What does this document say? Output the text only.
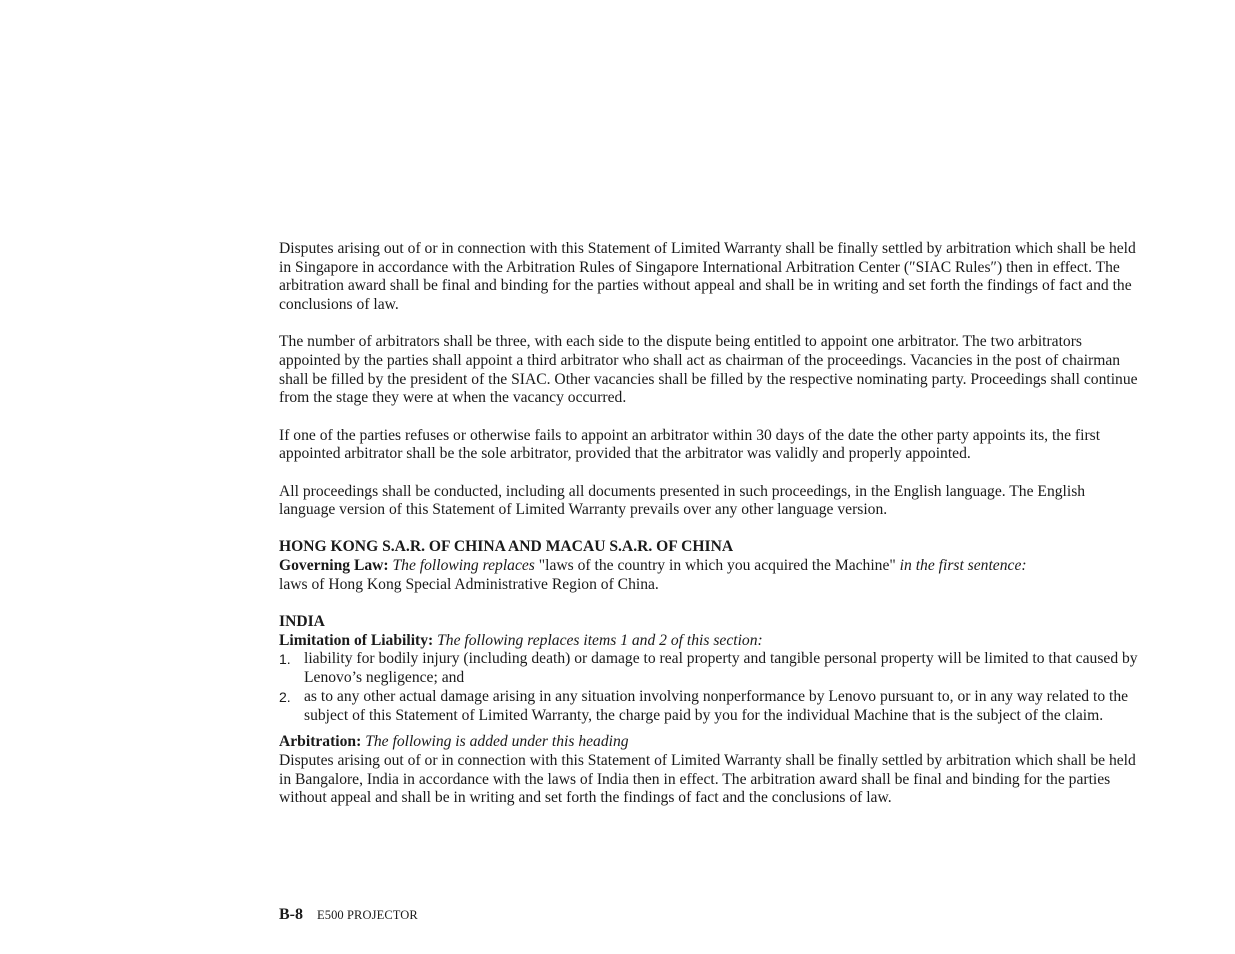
Disputes arising out of or in connection with this Statement of Limited Warranty shall be finally settled by arbitration which shall be held in Singapore in accordance with the Arbitration Rules of Singapore International Arbitration Center (″SIAC Rules″) then in effect. The arbitration award shall be final and binding for the parties without appeal and shall be in writing and set forth the findings of fact and the conclusions of law.

The number of arbitrators shall be three, with each side to the dispute being entitled to appoint one arbitrator. The two arbitrators appointed by the parties shall appoint a third arbitrator who shall act as chairman of the proceedings. Vacancies in the post of chairman shall be filled by the president of the SIAC. Other vacancies shall be filled by the respective nominating party. Proceedings shall continue from the stage they were at when the vacancy occurred.

If one of the parties refuses or otherwise fails to appoint an arbitrator within 30 days of the date the other party appoints its, the first appointed arbitrator shall be the sole arbitrator, provided that the arbitrator was validly and properly appointed.

All proceedings shall be conducted, including all documents presented in such proceedings, in the English language. The English language version of this Statement of Limited Warranty prevails over any other language version.

HONG KONG S.A.R. OF CHINA AND MACAU S.A.R. OF CHINA

Governing Law: The following replaces "laws of the country in which you acquired the Machine" in the first sentence:

laws of Hong Kong Special Administrative Region of China.

INDIA

Limitation of Liability: The following replaces items 1 and 2 of this section:

1. liability for bodily injury (including death) or damage to real property and tangible personal property will be limited to that caused by Lenovo’s negligence; and
2. as to any other actual damage arising in any situation involving nonperformance by Lenovo pursuant to, or in any way related to the subject of this Statement of Limited Warranty, the charge paid by you for the individual Machine that is the subject of the claim.

Arbitration: The following is added under this heading

Disputes arising out of or in connection with this Statement of Limited Warranty shall be finally settled by arbitration which shall be held in Bangalore, India in accordance with the laws of India then in effect. The arbitration award shall be final and binding for the parties without appeal and shall be in writing and set forth the findings of fact and the conclusions of law.

B-8 E500 PROJECTOR
